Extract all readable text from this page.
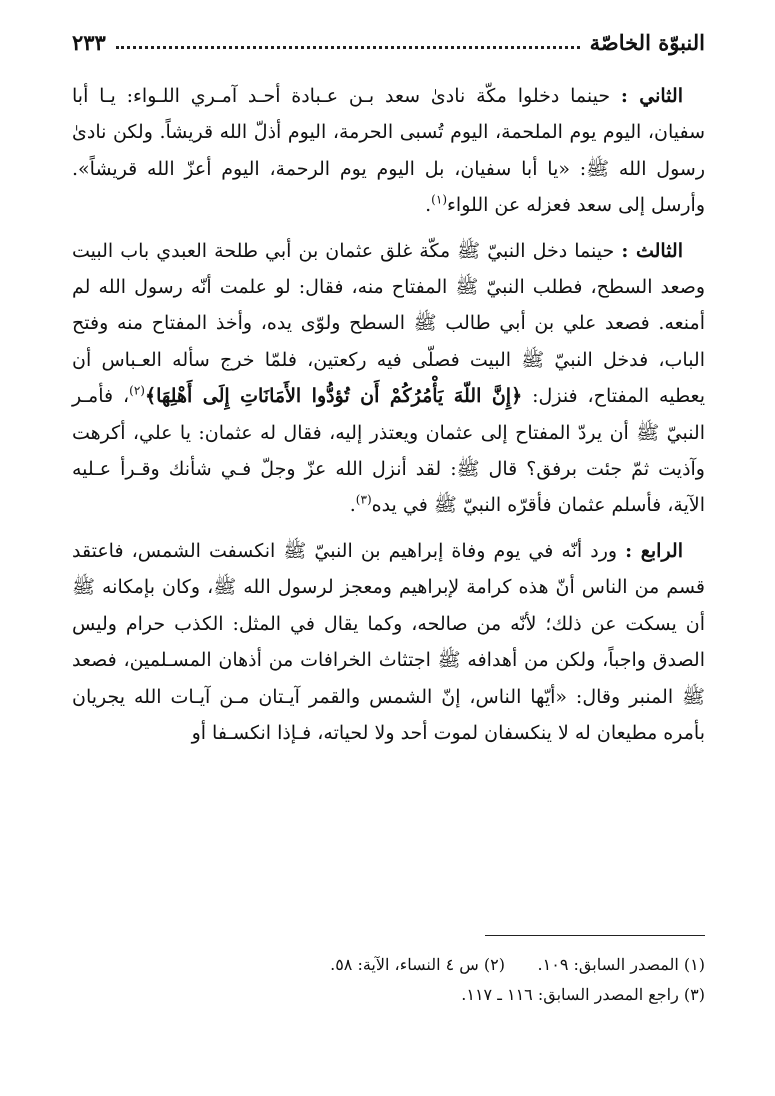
النبوّة الخاصّة
٢٣٣

الثاني : حينما دخلوا مكّة نادىٰ سعد بـن عـبادة أحـد آمـري اللـواء: يـا أبا سفيان، اليوم يوم الملحمة، اليوم تُسبى الحرمة، اليوم أذلّ الله قريشاً. ولكن نادىٰ رسول الله ﷺ: «يا أبا سفيان، بل اليوم يوم الرحمة، اليوم أعزّ الله قريشاً». وأرسل إلى سعد فعزله عن اللواء$^{(١)}$.

الثالث : حينما دخل النبيّ ﷺ مكّة غلق عثمان بن أبي طلحة العبدي باب البيت وصعد السطح، فطلب النبيّ ﷺ المفتاح منه، فقال: لو علمت أنّه رسول الله لم أمنعه. فصعد علي بن أبي طالب ﷺ السطح ولوّى يده، وأخذ المفتاح منه وفتح الباب، فدخل النبيّ ﷺ البيت فصلّى فيه ركعتين، فلمّا خرج سأله العـباس أن يعطيه المفتاح، فنزل: ﴿إِنَّ اللّهَ يَأْمُرُكُمْ أَن تُؤدُّوا الأَمَانَاتِ إِلَى أَهْلِهَا﴾$^{(٢)}$، فأمـر النبيّ ﷺ أن يردّ المفتاح إلى عثمان ويعتذر إليه، فقال له عثمان: يا علي، أكرهت وآذيت ثمّ جئت برفق؟ قال ﷺ: لقد أنزل الله عزّ وجلّ فـي شأنك وقـرأ عـليه الآية، فأسلم عثمان فأقرّه النبيّ ﷺ في يده$^{(٣)}$.

الرابع : ورد أنّه في يوم وفاة إبراهيم بن النبيّ ﷺ انكسفت الشمس، فاعتقد قسم من الناس أنّ هذه كرامة لإبراهيم ومعجز لرسول الله ﷺ، وكان بإمكانه ﷺ أن يسكت عن ذلك؛ لأنّه من صالحه، وكما يقال في المثل: الكذب حرام وليس الصدق واجباً، ولكن من أهدافه ﷺ اجتثاث الخرافات من أذهان المسـلمين، فصعد ﷺ المنبر وقال: «أيّها الناس، إنّ الشمس والقمر آيـتان مـن آيـات الله يجريان بأمره مطيعان له لا ينكسفان لموت أحد ولا لحياته، فـإذا انكسـفا أو

(١) المصدر السابق: ١٠٩.
(٢) س ٤ النساء، الآية: ٥٨.
(٣) راجع المصدر السابق: ١١٦ ـ ١١٧.
